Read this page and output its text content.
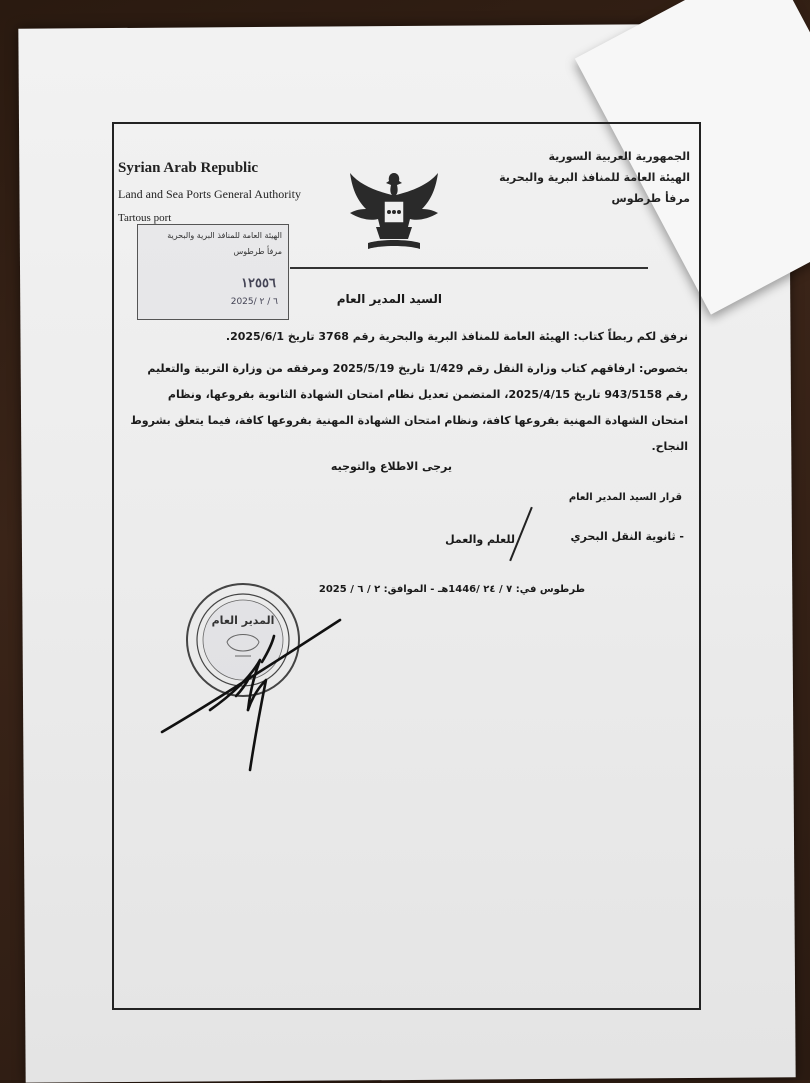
Syrian Arab Republic
Land and Sea Ports General Authority
Tartous port
الجمهورية العربية السورية
الهيئة العامة للمنافذ البرية والبحرية
مرفأ طرطوس
الهيئة العامة للمنافذ البرية والبحرية
مرفأ طرطوس
١٢٥٥٦
2025/ ٦ / ٢	السيد المدير العام
نرفق لكم ربطاً كتاب: الهيئة العامة للمنافذ البرية والبحرية رقم 3768 تاريخ 2025/6/1.
بخصوص: ارفاقهم كتاب وزارة النقل رقم 1/429 تاريخ 2025/5/19 ومرفقه من وزارة التربية والتعليم رقم 943/5158 تاريخ 2025/4/15، المتضمن تعديل نظام امتحان الشهادة الثانوية بفروعها، ونظام امتحان الشهادة المهنية بفروعها كافة، ونظام امتحان الشهادة المهنية بفروعها كافة، فيما يتعلق بشروط النجاح.
يرجى الاطلاع والتوجيه
قرار السيد المدير العام
- ثانوية النقل البحري
للعلم والعمل
طرطوس في: ٧ / ٢٤ /1446هـ - الموافق: ٢ / ٦ / 2025
المدير العام
